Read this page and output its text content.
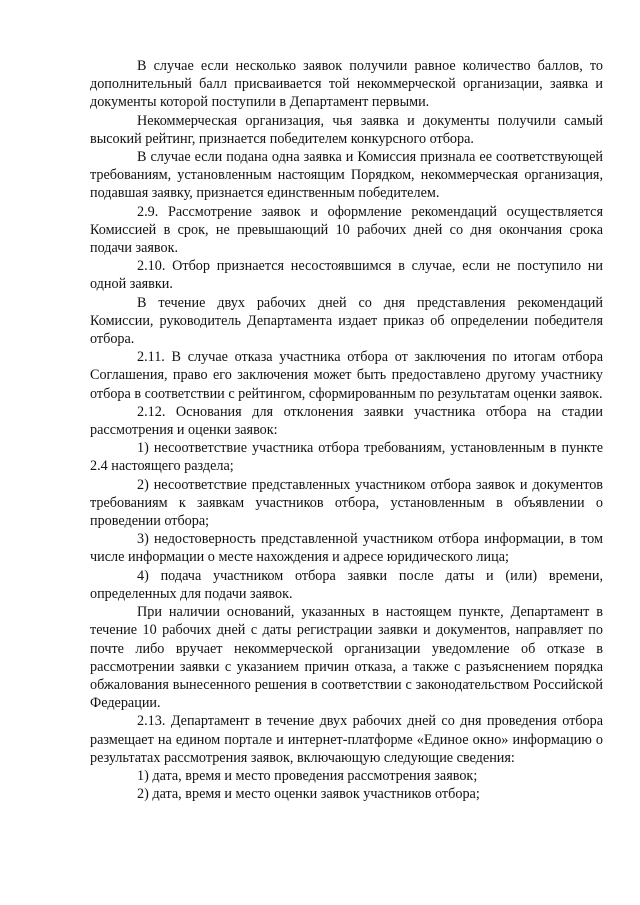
В случае если несколько заявок получили равное количество баллов, то дополнительный балл присваивается той некоммерческой организации, заявка и документы которой поступили в Департамент первыми.

Некоммерческая организация, чья заявка и документы получили самый высокий рейтинг, признается победителем конкурсного отбора.

В случае если подана одна заявка и Комиссия признала ее соответствующей требованиям, установленным настоящим Порядком, некоммерческая организация, подавшая заявку, признается единственным победителем.

2.9. Рассмотрение заявок и оформление рекомендаций осуществляется Комиссией в срок, не превышающий 10 рабочих дней со дня окончания срока подачи заявок.

2.10. Отбор признается несостоявшимся в случае, если не поступило ни одной заявки.

В течение двух рабочих дней со дня представления рекомендаций Комиссии, руководитель Департамента издает приказ об определении победителя отбора.

2.11. В случае отказа участника отбора от заключения по итогам отбора Соглашения, право его заключения может быть предоставлено другому участнику отбора в соответствии с рейтингом, сформированным по результатам оценки заявок.

2.12. Основания для отклонения заявки участника отбора на стадии рассмотрения и оценки заявок:

1) несоответствие участника отбора требованиям, установленным в пункте 2.4 настоящего раздела;

2) несоответствие представленных участником отбора заявок и документов требованиям к заявкам участников отбора, установленным в объявлении о проведении отбора;

3) недостоверность представленной участником отбора информации, в том числе информации о месте нахождения и адресе юридического лица;

4) подача участником отбора заявки после даты и (или) времени, определенных для подачи заявок.

При наличии оснований, указанных в настоящем пункте, Департамент в течение 10 рабочих дней с даты регистрации заявки и документов, направляет по почте либо вручает некоммерческой организации уведомление об отказе в рассмотрении заявки с указанием причин отказа, а также с разъяснением порядка обжалования вынесенного решения в соответствии с законодательством Российской Федерации.

2.13. Департамент в течение двух рабочих дней со дня проведения отбора размещает на едином портале и интернет-платформе «Единое окно» информацию о результатах рассмотрения заявок, включающую следующие сведения:

1) дата, время и место проведения рассмотрения заявок;

2) дата, время и место оценки заявок участников отбора;
